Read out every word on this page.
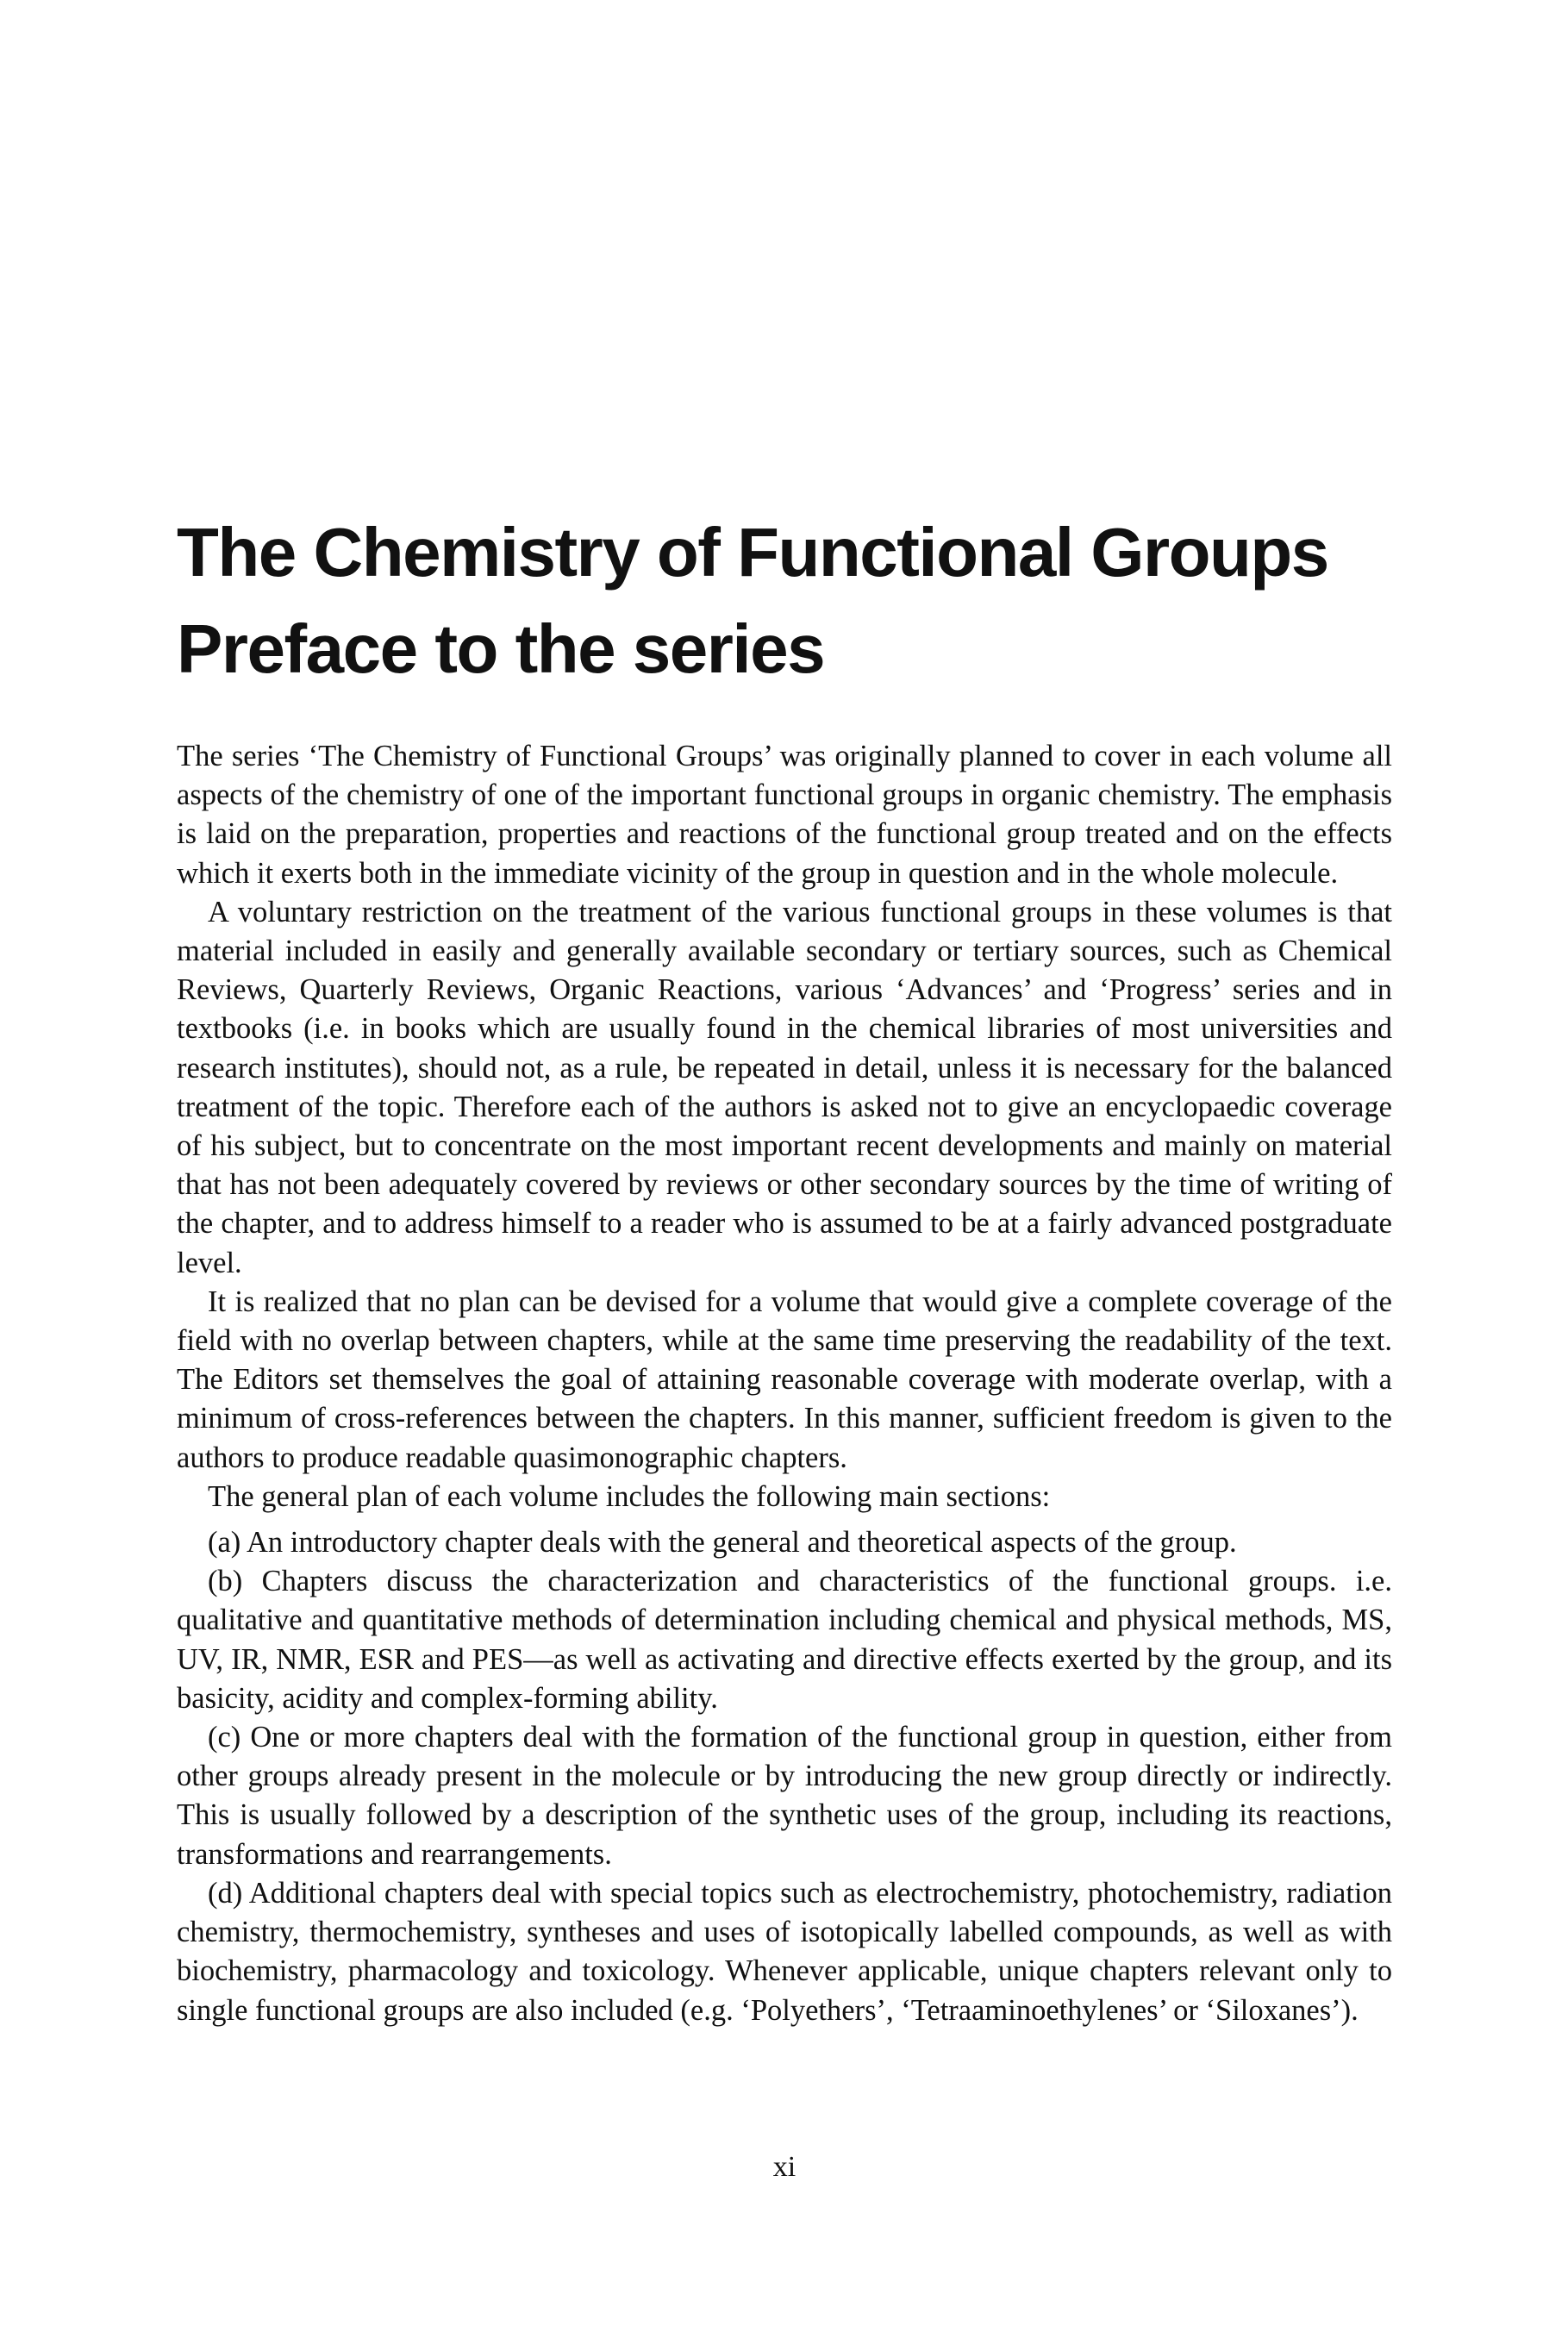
The Chemistry of Functional Groups
Preface to the series

The series ‘The Chemistry of Functional Groups’ was originally planned to cover in each volume all aspects of the chemistry of one of the important functional groups in organic chemistry. The emphasis is laid on the preparation, properties and reactions of the functional group treated and on the effects which it exerts both in the immediate vicinity of the group in question and in the whole molecule.

A voluntary restriction on the treatment of the various functional groups in these volumes is that material included in easily and generally available secondary or tertiary sources, such as Chemical Reviews, Quarterly Reviews, Organic Reactions, various ‘Advances’ and ‘Progress’ series and in textbooks (i.e. in books which are usually found in the chemical libraries of most universities and research institutes), should not, as a rule, be repeated in detail, unless it is necessary for the balanced treatment of the topic. Therefore each of the authors is asked not to give an encyclopaedic coverage of his subject, but to concentrate on the most important recent developments and mainly on material that has not been adequately covered by reviews or other secondary sources by the time of writing of the chapter, and to address himself to a reader who is assumed to be at a fairly advanced postgraduate level.

It is realized that no plan can be devised for a volume that would give a complete coverage of the field with no overlap between chapters, while at the same time preserving the readability of the text. The Editors set themselves the goal of attaining reasonable coverage with moderate overlap, with a minimum of cross-references between the chapters. In this manner, sufficient freedom is given to the authors to produce readable quasimonographic chapters.

The general plan of each volume includes the following main sections:

(a) An introductory chapter deals with the general and theoretical aspects of the group.

(b) Chapters discuss the characterization and characteristics of the functional groups. i.e. qualitative and quantitative methods of determination including chemical and physical methods, MS, UV, IR, NMR, ESR and PES—as well as activating and directive effects exerted by the group, and its basicity, acidity and complex-forming ability.

(c) One or more chapters deal with the formation of the functional group in question, either from other groups already present in the molecule or by introducing the new group directly or indirectly. This is usually followed by a description of the synthetic uses of the group, including its reactions, transformations and rearrangements.

(d) Additional chapters deal with special topics such as electrochemistry, photochemistry, radiation chemistry, thermochemistry, syntheses and uses of isotopically labelled compounds, as well as with biochemistry, pharmacology and toxicology. Whenever applicable, unique chapters relevant only to single functional groups are also included (e.g. ‘Polyethers’, ‘Tetraaminoethylenes’ or ‘Siloxanes’).

xi
